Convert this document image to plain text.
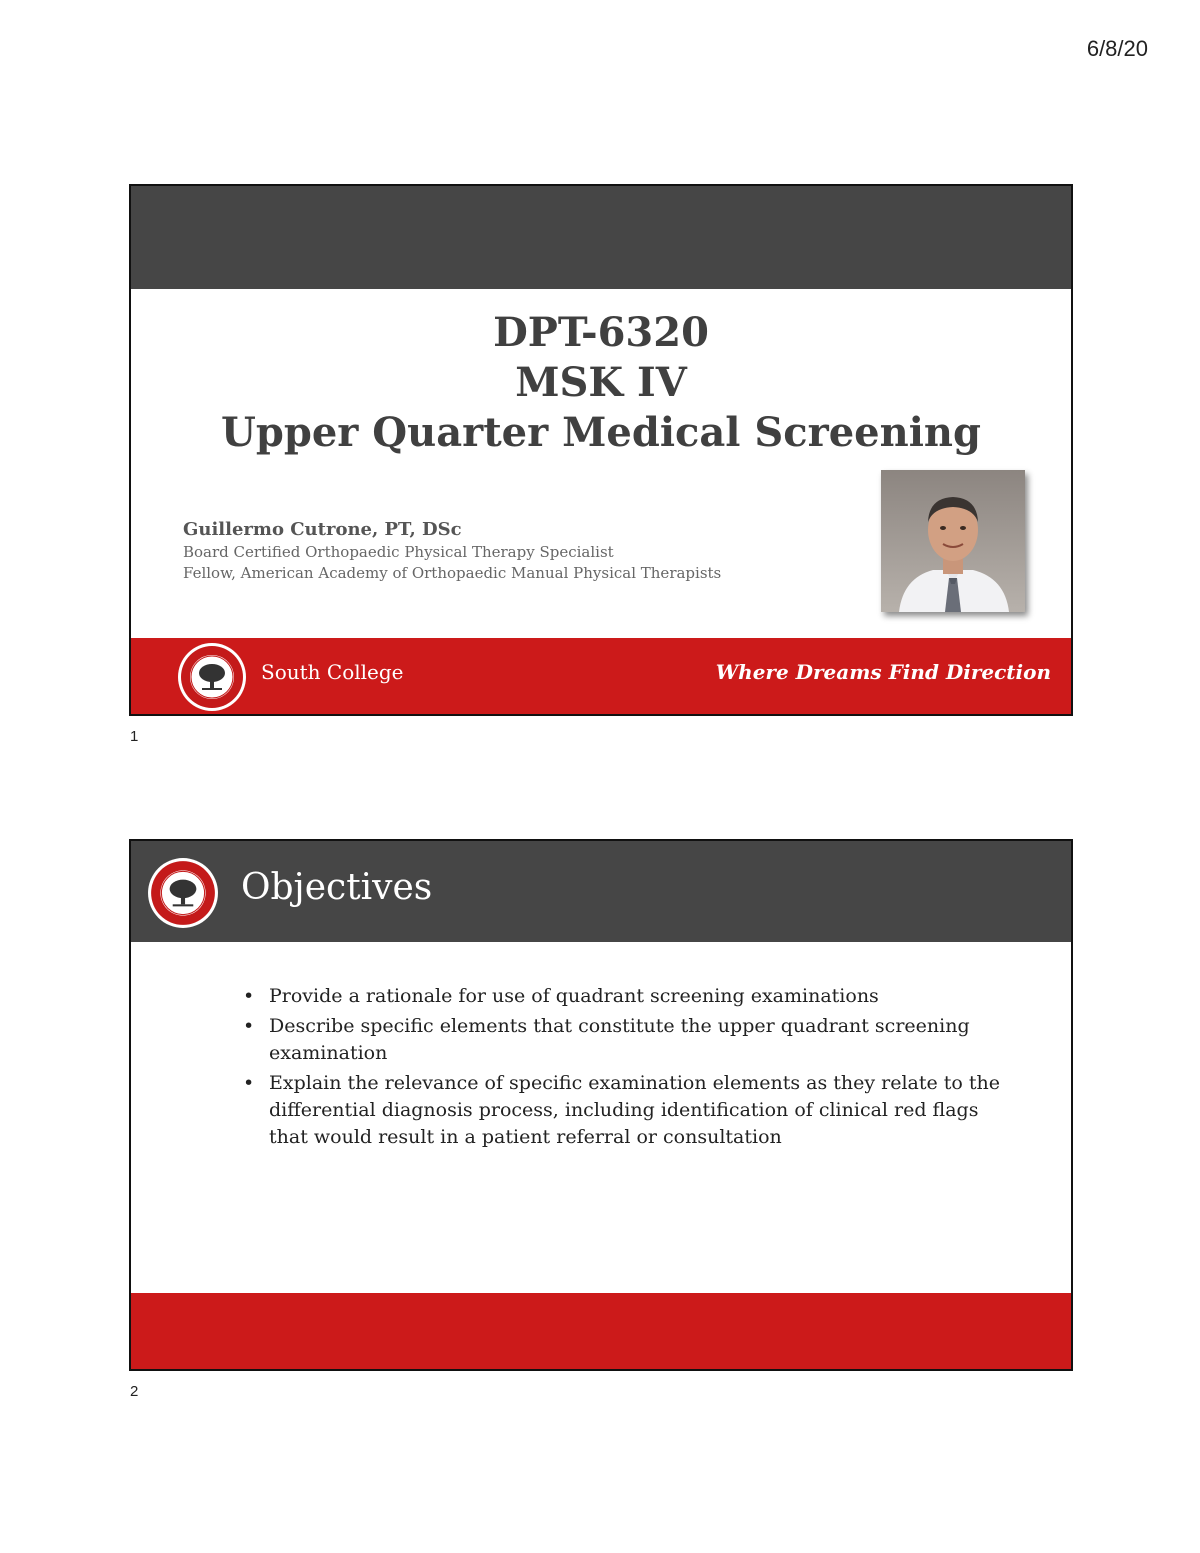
6/8/20
DPT-6320
MSK IV
Upper Quarter Medical Screening
Guillermo Cutrone, PT, DSc
Board Certified Orthopaedic Physical Therapy Specialist
Fellow, American Academy of Orthopaedic Manual Physical Therapists
South College	Where Dreams Find Direction
1
Objectives
• Provide a rationale for use of quadrant screening examinations
• Describe specific elements that constitute the upper quadrant screening examination
• Explain the relevance of specific examination elements as they relate to the differential diagnosis process, including identification of clinical red flags that would result in a patient referral or consultation
2
